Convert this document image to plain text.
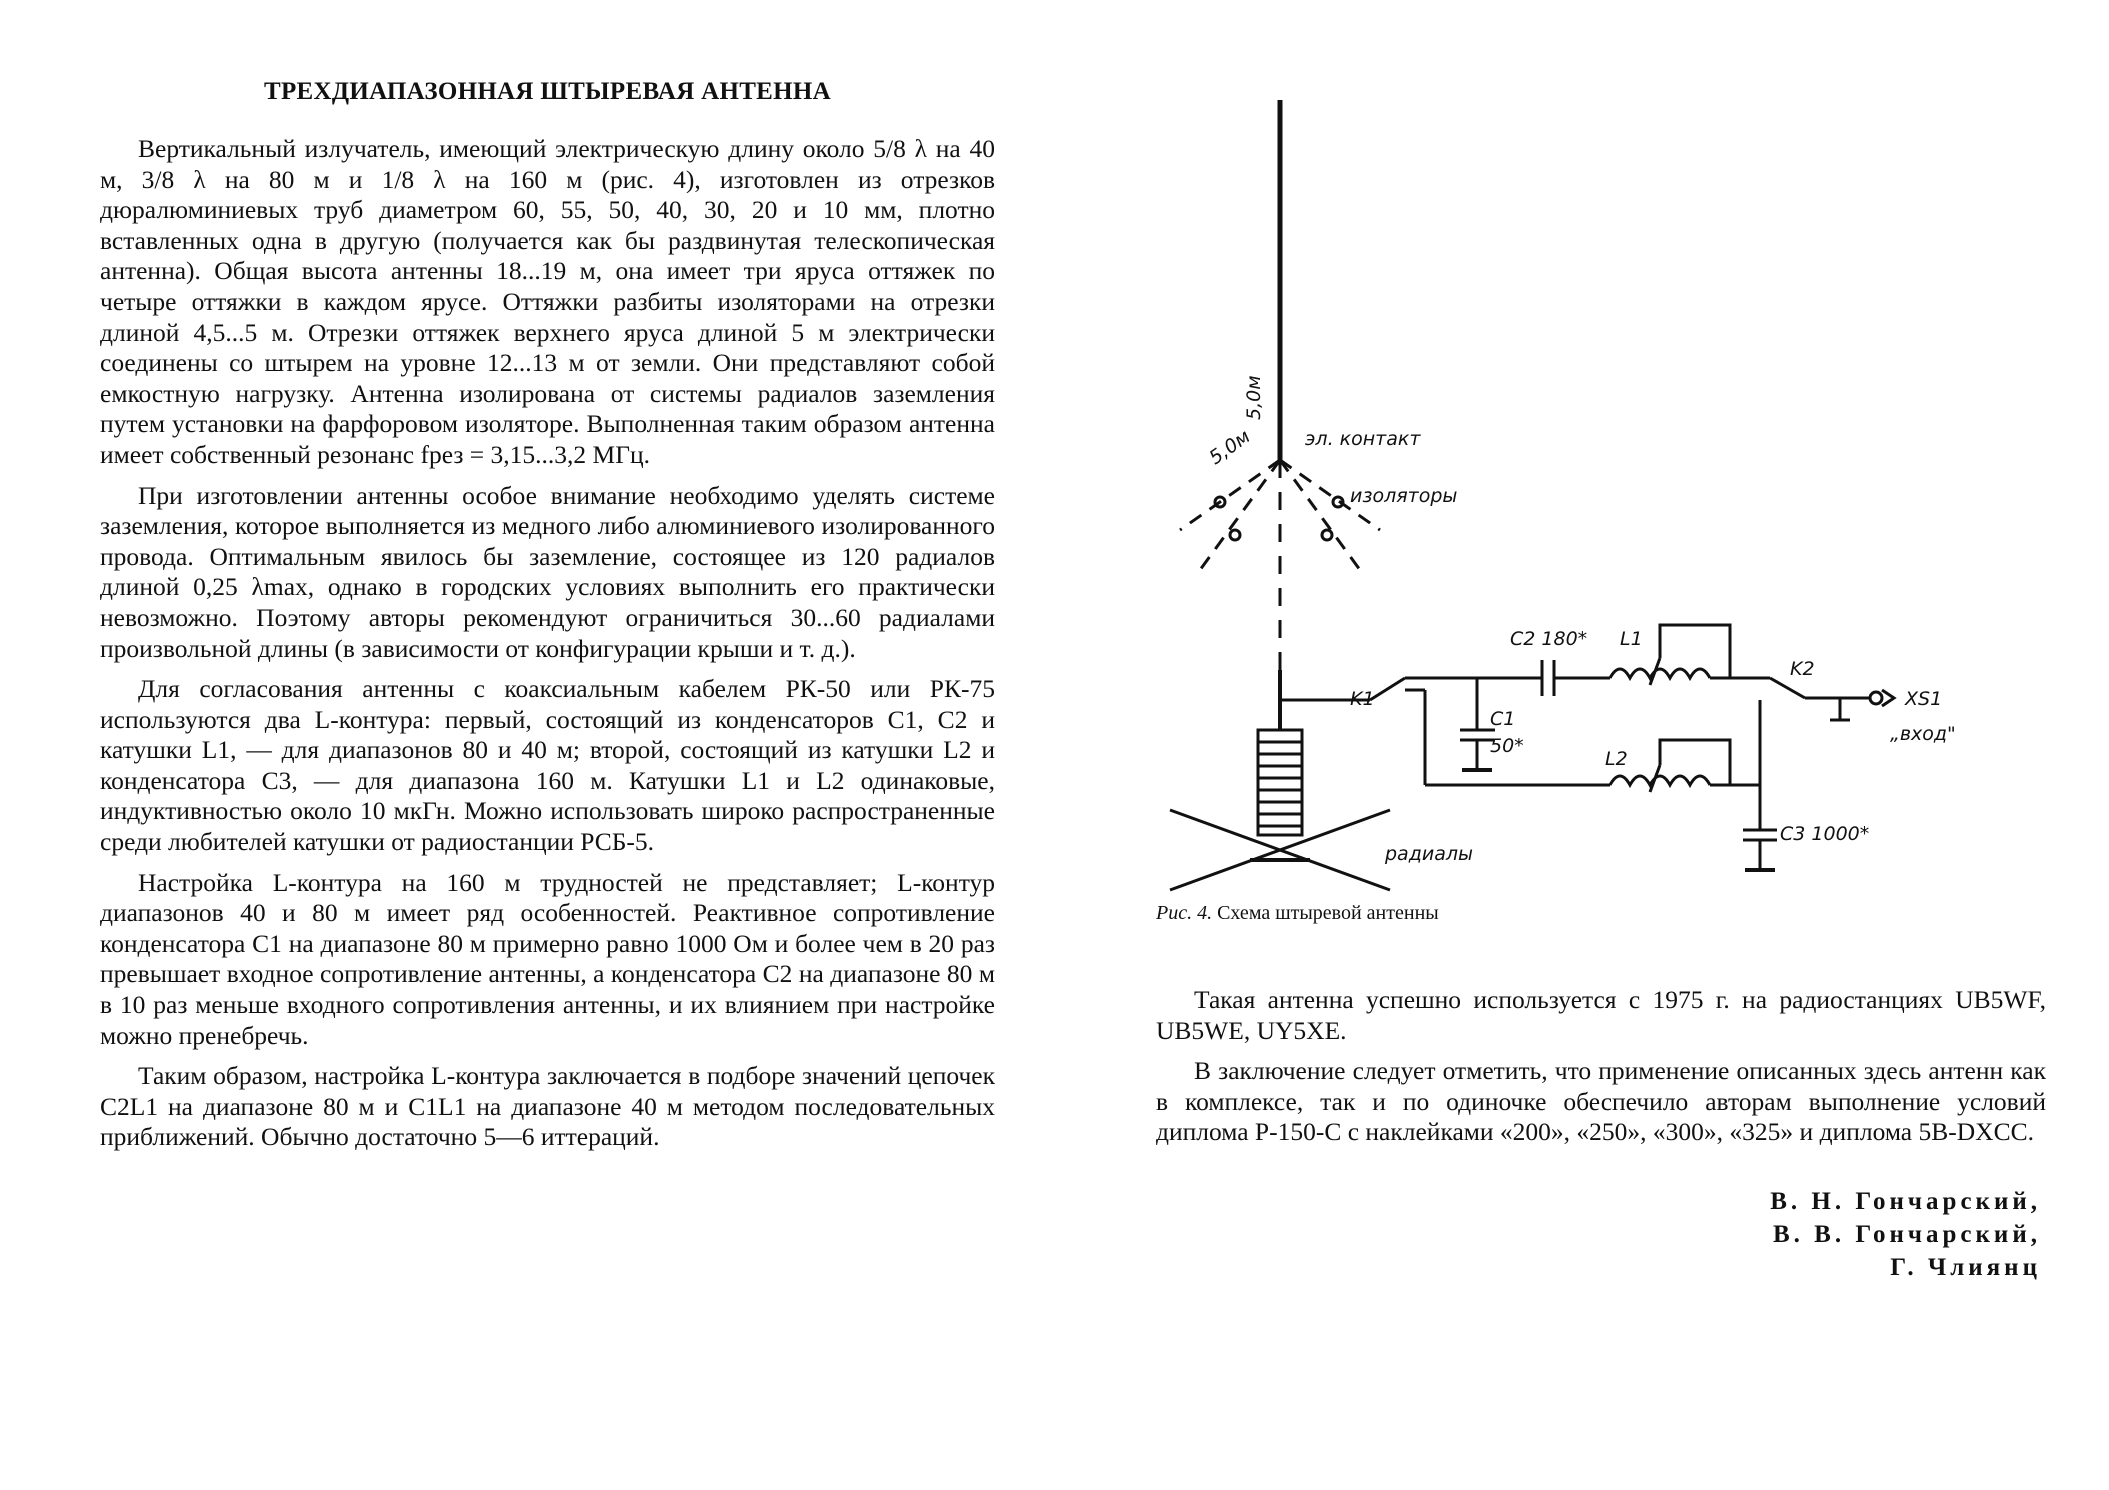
ТРЕХДИАПАЗОННАЯ ШТЫРЕВАЯ АНТЕННА

Вертикальный излучатель, имеющий электрическую длину около 5/8 λ на 40 м, 3/8 λ на 80 м и 1/8 λ на 160 м (рис. 4), изготовлен из отрезков дюралюминиевых труб диаметром 60, 55, 50, 40, 30, 20 и 10 мм, плотно вставленных одна в другую (получается как бы раздвинутая телескопическая антенна). Общая высота антенны 18...19 м, она имеет три яруса оттяжек по четыре оттяжки в каждом ярусе. Оттяжки разбиты изоляторами на отрезки длиной 4,5...5 м. Отрезки оттяжек верхнего яруса длиной 5 м электрически соединены со штырем на уровне 12...13 м от земли. Они представляют собой емкостную нагрузку. Антенна изолирована от системы радиалов заземления путем установки на фарфоровом изоляторе. Выполненная таким образом антенна имеет собственный резонанс fрез = 3,15...3,2 МГц.

При изготовлении антенны особое внимание необходимо уделять системе заземления, которое выполняется из медного либо алюминиевого изолированного провода. Оптимальным явилось бы заземление, состоящее из 120 радиалов длиной 0,25 λmax, однако в городских условиях выполнить его практически невозможно. Поэтому авторы рекомендуют ограничиться 30...60 радиалами произвольной длины (в зависимости от конфигурации крыши и т. д.).

Для согласования антенны с коаксиальным кабелем РК-50 или РК-75 используются два L-контура: первый, состоящий из конденсаторов C1, C2 и катушки L1, — для диапазонов 80 и 40 м; второй, состоящий из катушки L2 и конденсатора C3, — для диапазона 160 м. Катушки L1 и L2 одинаковые, индуктивностью около 10 мкГн. Можно использовать широко распространенные среди любителей катушки от радиостанции РСБ-5.

Настройка L-контура на 160 м трудностей не представляет; L-контур диапазонов 40 и 80 м имеет ряд особенностей. Реактивное сопротивление конденсатора C1 на диапазоне 80 м примерно равно 1000 Ом и более чем в 20 раз превышает входное сопротивление антенны, а конденсатора C2 на диапазоне 80 м в 10 раз меньше входного сопротивления антенны, и их влиянием при настройке можно пренебречь.

Таким образом, настройка L-контура заключается в подборе значений цепочек C2L1 на диапазоне 80 м и C1L1 на диапазоне 40 м методом последовательных приближений. Обычно достаточно 5—6 иттераций.

5,0м
5,0м	эл. контакт
изоляторы
K1
K2
C2 180* L1
C1
50*
L2
C3 1000*
XS1
„вход"
радиалы
Рис. 4. Схема штыревой антенны

Такая антенна успешно используется с 1975 г. на радиостанциях UB5WF, UB5WE, UY5XE.

В заключение следует отметить, что применение описанных здесь антенн как в комплексе, так и по одиночке обеспечило авторам выполнение условий диплома Р-150-С с наклейками «200», «250», «300», «325» и диплома 5B-DXCC.

В. Н. Гончарский,
В. В. Гончарский,
Г. Члиянц
